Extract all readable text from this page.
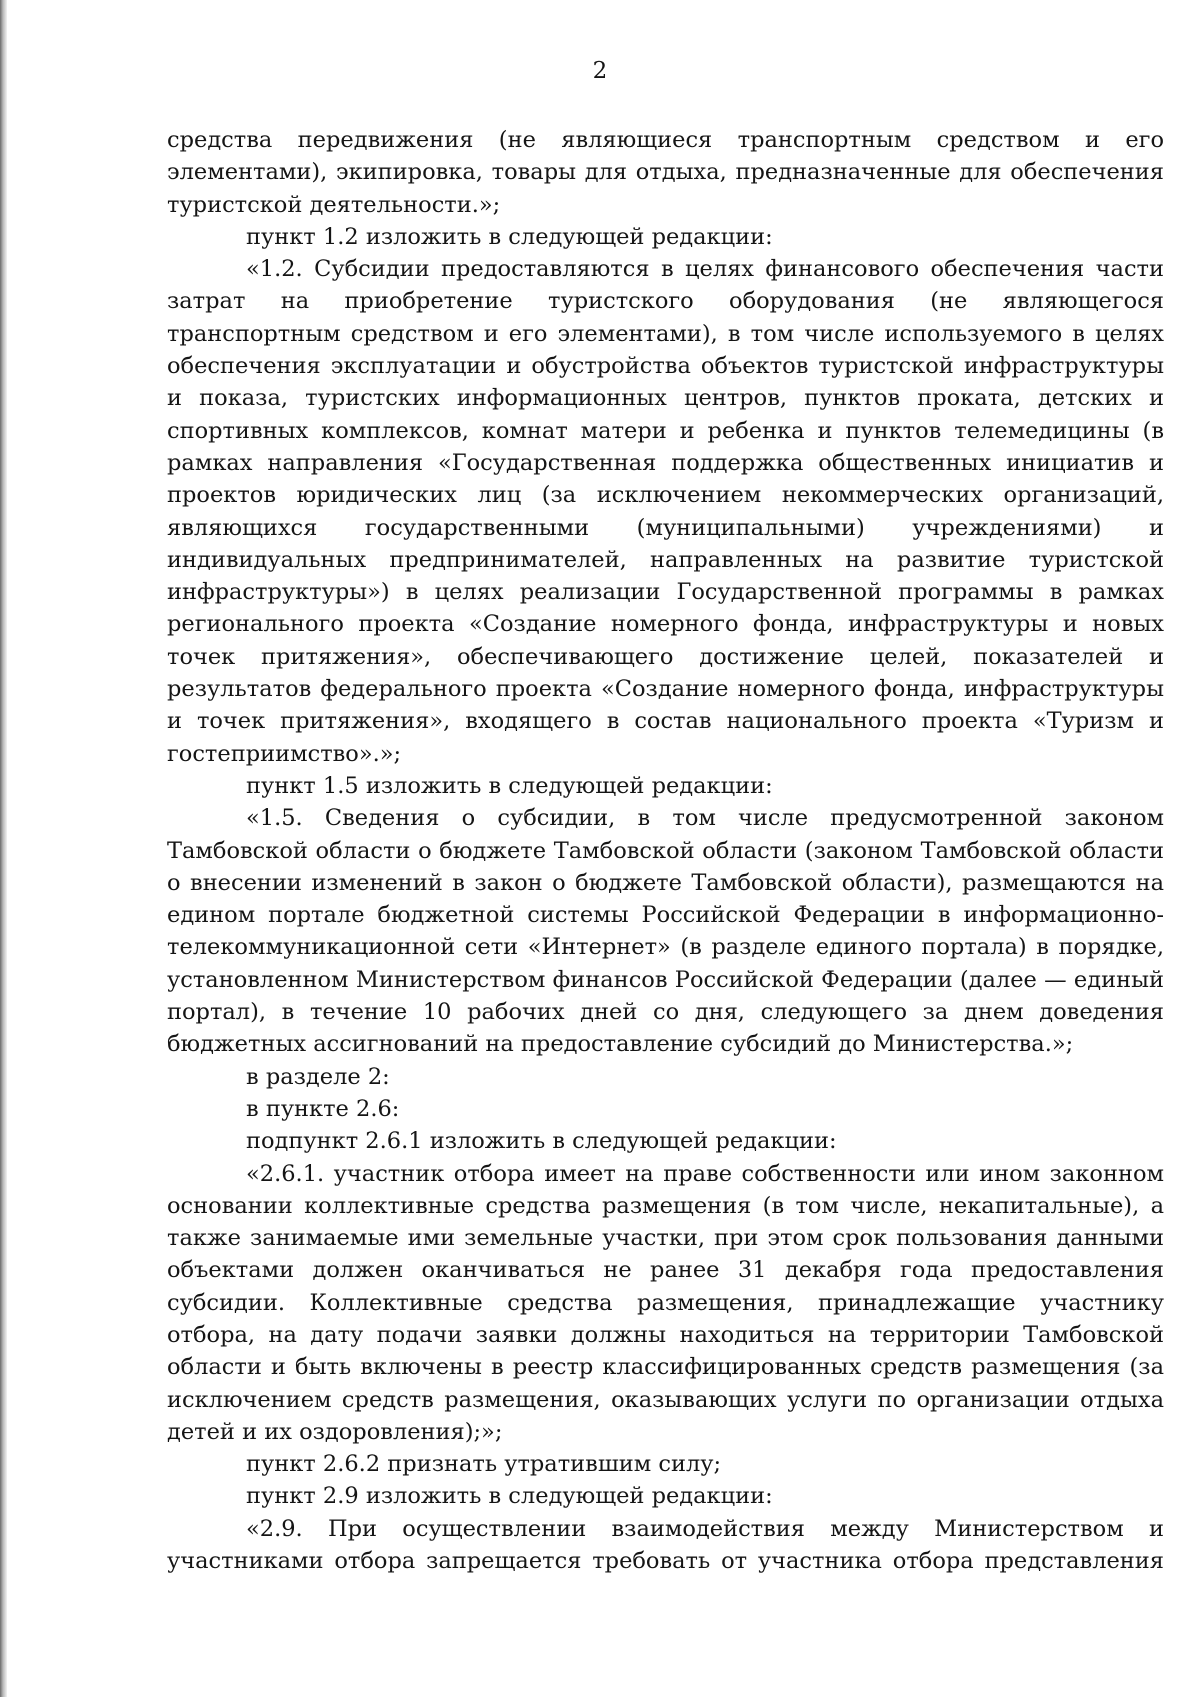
2

средства передвижения (не являющиеся транспортным средством и его элементами), экипировка, товары для отдыха, предназначенные для обеспечения туристской деятельности.»;

пункт 1.2 изложить в следующей редакции:

«1.2. Субсидии предоставляются в целях финансового обеспечения части затрат на приобретение туристского оборудования (не являющегося транспортным средством и его элементами), в том числе используемого в целях обеспечения эксплуатации и обустройства объектов туристской инфраструктуры и показа, туристских информационных центров, пунктов проката, детских и спортивных комплексов, комнат матери и ребенка и пунктов телемедицины (в рамках направления «Государственная поддержка общественных инициатив и проектов юридических лиц (за исключением некоммерческих организаций, являющихся государственными (муниципальными) учреждениями) и индивидуальных предпринимателей, направленных на развитие туристской инфраструктуры») в целях реализации Государственной программы в рамках регионального проекта «Создание номерного фонда, инфраструктуры и новых точек притяжения», обеспечивающего достижение целей, показателей и результатов федерального проекта «Создание номерного фонда, инфраструктуры и точек притяжения», входящего в состав национального проекта «Туризм и гостеприимство».»;

пункт 1.5 изложить в следующей редакции:

«1.5. Сведения о субсидии, в том числе предусмотренной законом Тамбовской области о бюджете Тамбовской области (законом Тамбовской области о внесении изменений в закон о бюджете Тамбовской области), размещаются на едином портале бюджетной системы Российской Федерации в информационно-телекоммуникационной сети «Интернет» (в разделе единого портала) в порядке, установленном Министерством финансов Российской Федерации (далее — единый портал), в течение 10 рабочих дней со дня, следующего за днем доведения бюджетных ассигнований на предоставление субсидий до Министерства.»;

в разделе 2:

в пункте 2.6:

подпункт 2.6.1 изложить в следующей редакции:

«2.6.1. участник отбора имеет на праве собственности или ином законном основании коллективные средства размещения (в том числе, некапитальные), а также занимаемые ими земельные участки, при этом срок пользования данными объектами должен оканчиваться не ранее 31 декабря года предоставления субсидии. Коллективные средства размещения, принадлежащие участнику отбора, на дату подачи заявки должны находиться на территории Тамбовской области и быть включены в реестр классифицированных средств размещения (за исключением средств размещения, оказывающих услуги по организации отдыха детей и их оздоровления);»;

пункт 2.6.2 признать утратившим силу;

пункт 2.9 изложить в следующей редакции:

«2.9. При осуществлении взаимодействия между Министерством и участниками отбора запрещается требовать от участника отбора представления
